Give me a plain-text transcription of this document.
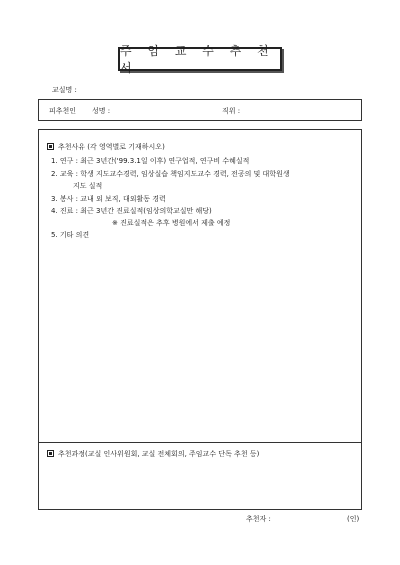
주 임 교 수 추 천 서
교실명 :
피추천인 성명 :	직위 :
추천사유 (각 영역별로 기재하시오)
1. 연구 : 최근 3년간('99.3.1일 이후) 연구업적, 연구비 수혜실적
2. 교육 : 학생 지도교수경력, 임상실습 책임지도교수 경력, 전공의 및 대학원생
지도 실적
3. 봉사 : 교내 외 보직, 대외활동 경력
4. 진료 : 최근 3년간 진료실적(임상의학교실만 해당)
※ 진료실적은 추후 병원에서 제출 예정
5. 기타 의견
추천과정(교실 인사위원회, 교실 전체회의, 주임교수 단독 추천 등)
추천자 :	(인)
